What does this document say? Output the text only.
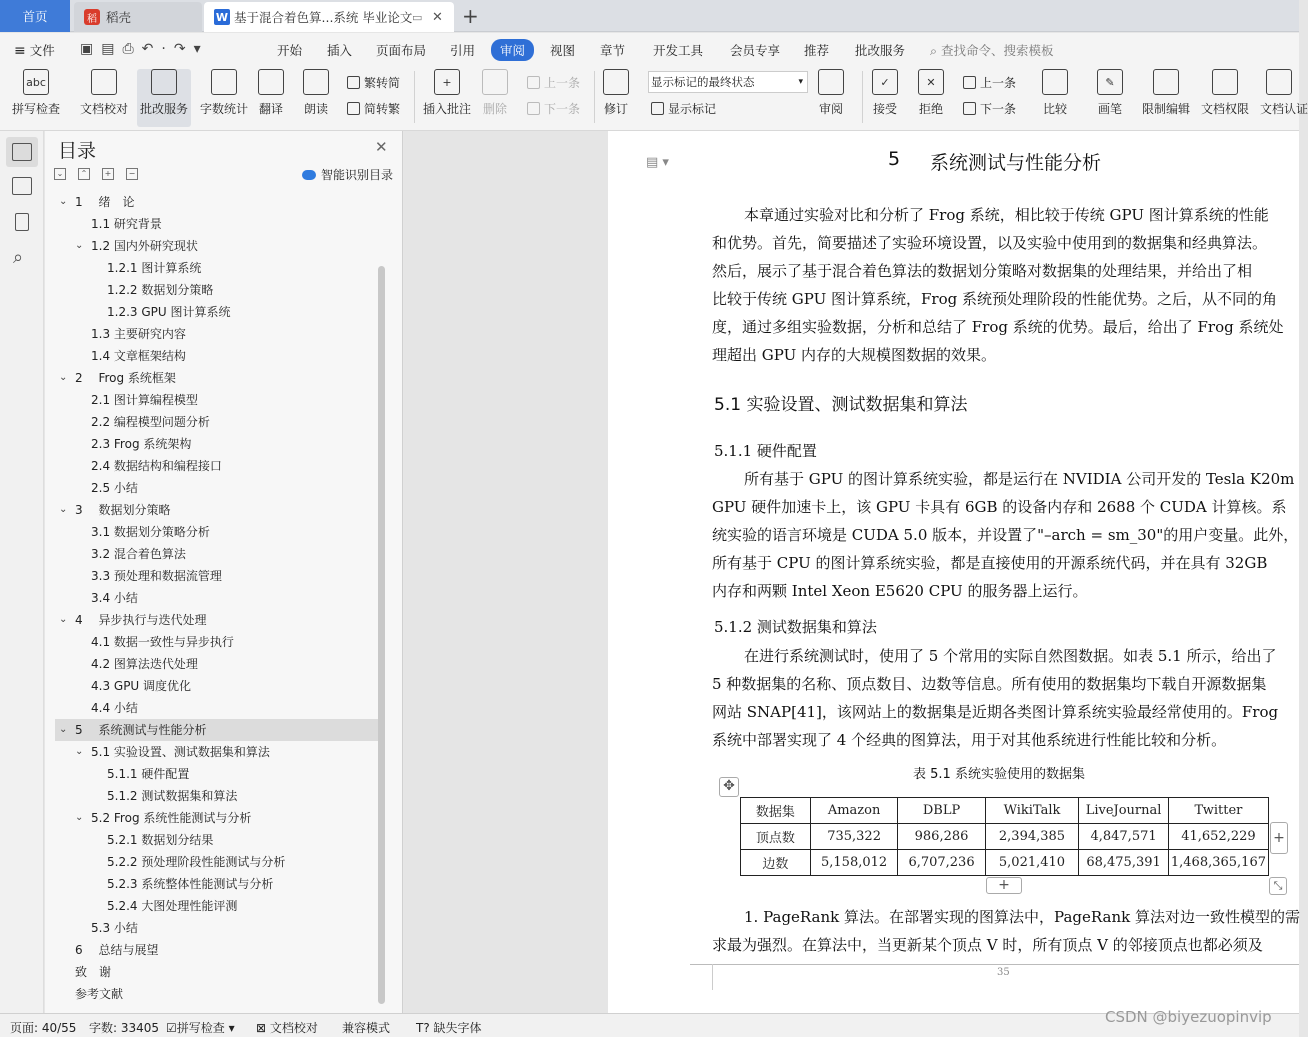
首页	稻 稻壳	W 基于混合着色算...系统 毕业论文 ▭ ✕ +
≡ 文件 ▣▤⎙↶·↷▾	开始 插入 页面布局 引用	审阅	视图 章节 开发工具 会员专享 推荐 批改服务 ⌕ 查找命令、搜索模板
abc
拼写检查 文档校对 批改服务 字数统计 翻译 朗读
繁转简
简转繁
+
插入批注 删除
上一条
下一条 修订
显示标记的最终状态	▾
显示标记	审阅
✓
接受
✕
拒绝
上一条
下一条 比较
✎
画笔 限制编辑 文档权限 文档认证
⌕
目录	✕
⌄	⌃	+	−	智能识别目录
⌄ 1　 绪　论
1.1 研究背景
⌄ 1.2 国内外研究现状
1.2.1 图计算系统
1.2.2 数据划分策略
1.2.3 GPU 图计算系统
1.3 主要研究内容
1.4 文章框架结构
⌄ 2　 Frog 系统框架
2.1 图计算编程模型
2.2 编程模型问题分析
2.3 Frog 系统架构
2.4 数据结构和编程接口
2.5 小结
⌄ 3　 数据划分策略
3.1 数据划分策略分析
3.2 混合着色算法
3.3 预处理和数据流管理
3.4 小结
⌄ 4　 异步执行与迭代处理
4.1 数据一致性与异步执行
4.2 图算法迭代处理
4.3 GPU 调度优化
4.4 小结
⌄ 5　 系统测试与性能分析
⌄ 5.1 实验设置、测试数据集和算法
5.1.1 硬件配置
5.1.2 测试数据集和算法
⌄ 5.2 Frog 系统性能测试与分析
5.2.1 数据划分结果
5.2.2 预处理阶段性能测试与分析
5.2.3 系统整体性能测试与分析
5.2.4 大图处理性能评测
5.3 小结
6　 总结与展望
致　谢
参考文献
▤ ▾	5 系统测试与性能分析
本章通过实验对比和分析了 Frog 系统，相比较于传统 GPU 图计算系统的性能
和优势。首先，简要描述了实验环境设置，以及实验中使用到的数据集和经典算法。
然后，展示了基于混合着色算法的数据划分策略对数据集的处理结果，并给出了相
比较于传统 GPU 图计算系统，Frog 系统预处理阶段的性能优势。之后，从不同的角
度，通过多组实验数据，分析和总结了 Frog 系统的优势。最后，给出了 Frog 系统处
理超出 GPU 内存的大规模图数据的效果。
5.1 实验设置、测试数据集和算法
5.1.1 硬件配置
所有基于 GPU 的图计算系统实验，都是运行在 NVIDIA 公司开发的 Tesla K20m
GPU 硬件加速卡上，该 GPU 卡具有 6GB 的设备内存和 2688 个 CUDA 计算核。系
统实验的语言环境是 CUDA 5.0 版本，并设置了"–arch = sm_30"的用户变量。此外，
所有基于 CPU 的图计算系统实验，都是直接使用的开源系统代码，并在具有 32GB
内存和两颗 Intel Xeon E5620 CPU 的服务器上运行。
5.1.2 测试数据集和算法
在进行系统测试时，使用了 5 个常用的实际自然图数据。如表 5.1 所示，给出了
5 种数据集的名称、顶点数目、边数等信息。所有使用的数据集均下载自开源数据集
网站 SNAP[41]，该网站上的数据集是近期各类图计算系统实验最经常使用的。Frog
系统中部署实现了 4 个经典的图算法，用于对其他系统进行性能比较和分析。
表 5.1 系统实验使用的数据集
✥
数据集	Amazon	DBLP	WikiTalk	LiveJournal	Twitter
顶点数	735,322	986,286	2,394,385	4,847,571	41,652,229
边数	5,158,012	6,707,236	5,021,410	68,475,391	1,468,365,167
+
+	⤡
1. PageRank 算法。在部署实现的图算法中，PageRank 算法对边一致性模型的需
求最为强烈。在算法中，当更新某个顶点 V 时，所有顶点 V 的邻接顶点也都必须及
35
页面: 40/55 字数: 33405 ☑拼写检查 ▾ ⊠ 文档校对 兼容模式 T? 缺失字体
CSDN @biyezuopinvip
